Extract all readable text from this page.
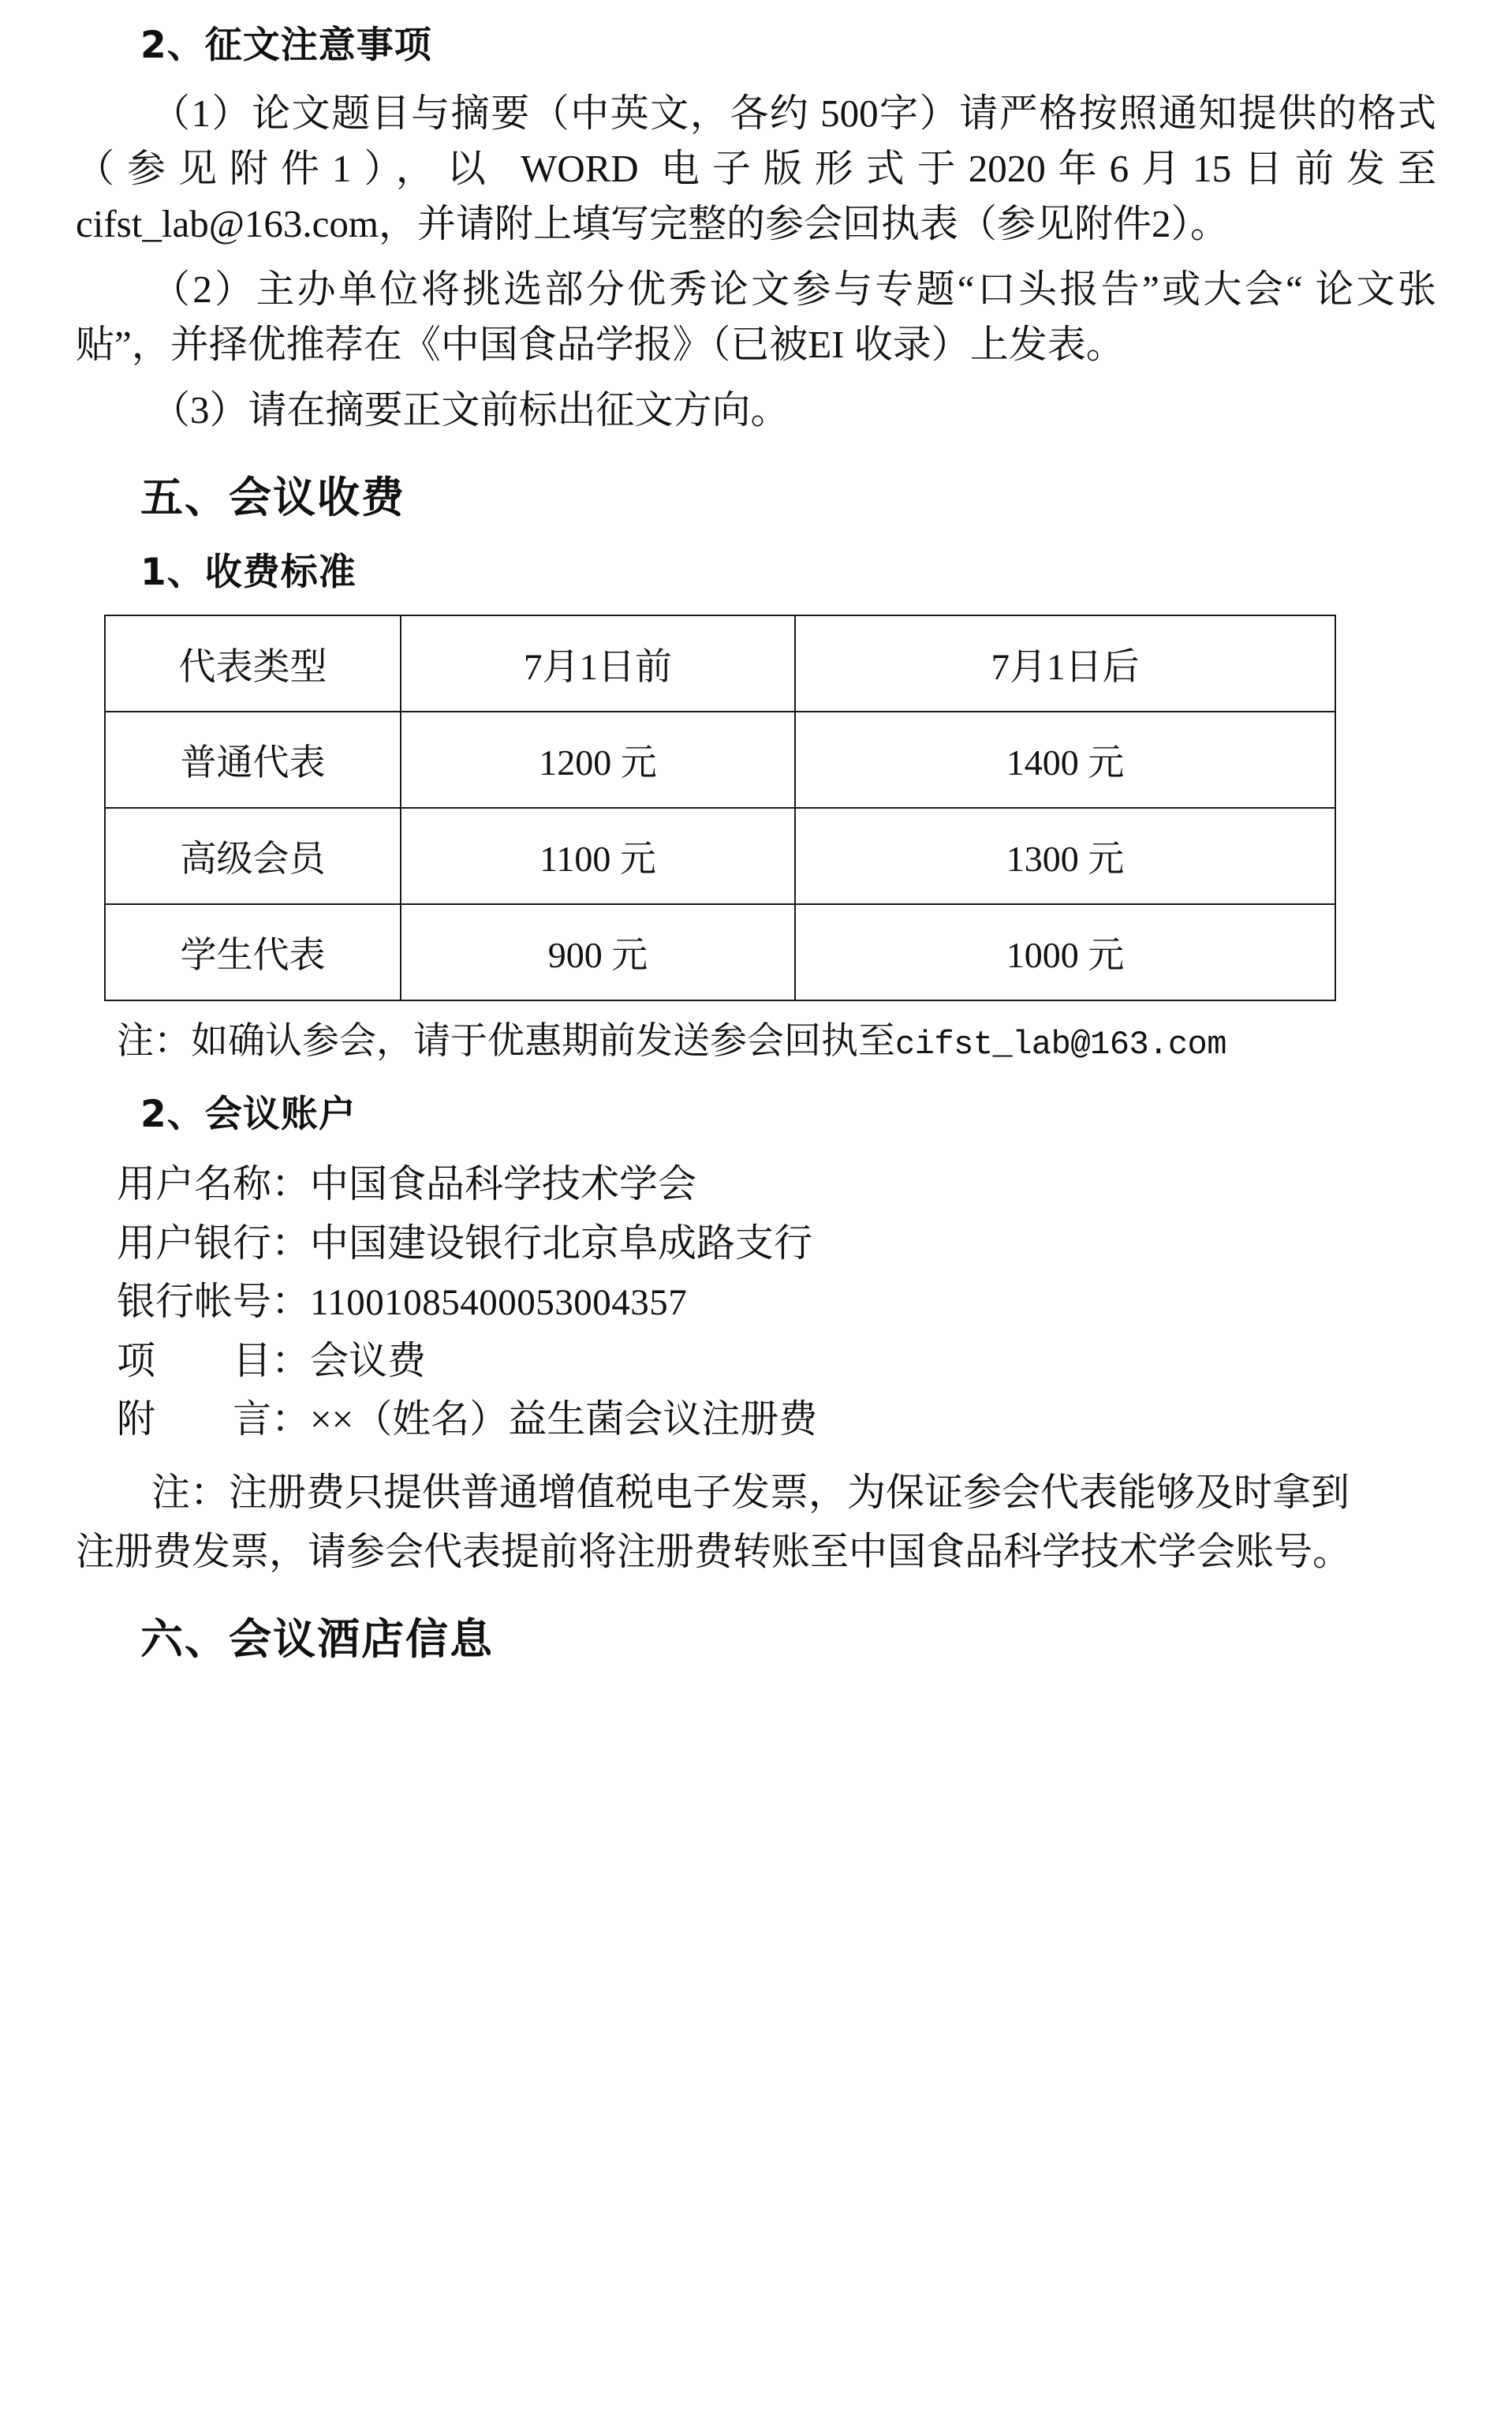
2、征文注意事项

（1）论文题目与摘要（中英文，各约 500字）请严格按照通知提供的格式（参见附件1），以 WORD 电子版形式于2020年6月15日前发至cifst_lab@163.com，并请附上填写完整的参会回执表（参见附件2）。

（2）主办单位将挑选部分优秀论文参与专题“口头报告”或大会“ 论文张贴”，并择优推荐在《中国食品学报》（已被EI 收录）上发表。

（3）请在摘要正文前标出征文方向。

五、会议收费
1、收费标准
代表类型	7月1日前	7月1日后
普通代表	1200 元	1400 元
高级会员	1100 元	1300 元
学生代表	900 元	1000 元

注：如确认参会，请于优惠期前发送参会回执至cifst_lab@163.com

2、会议账户
用户名称：中国食品科学技术学会
用户银行：中国建设银行北京阜成路支行
银行帐号：11001085400053004357
项　　目：会议费
附　　言：××（姓名）益生菌会议注册费

注：注册费只提供普通增值税电子发票，为保证参会代表能够及时拿到

注册费发票，请参会代表提前将注册费转账至中国食品科学技术学会账号。

六、会议酒店信息
